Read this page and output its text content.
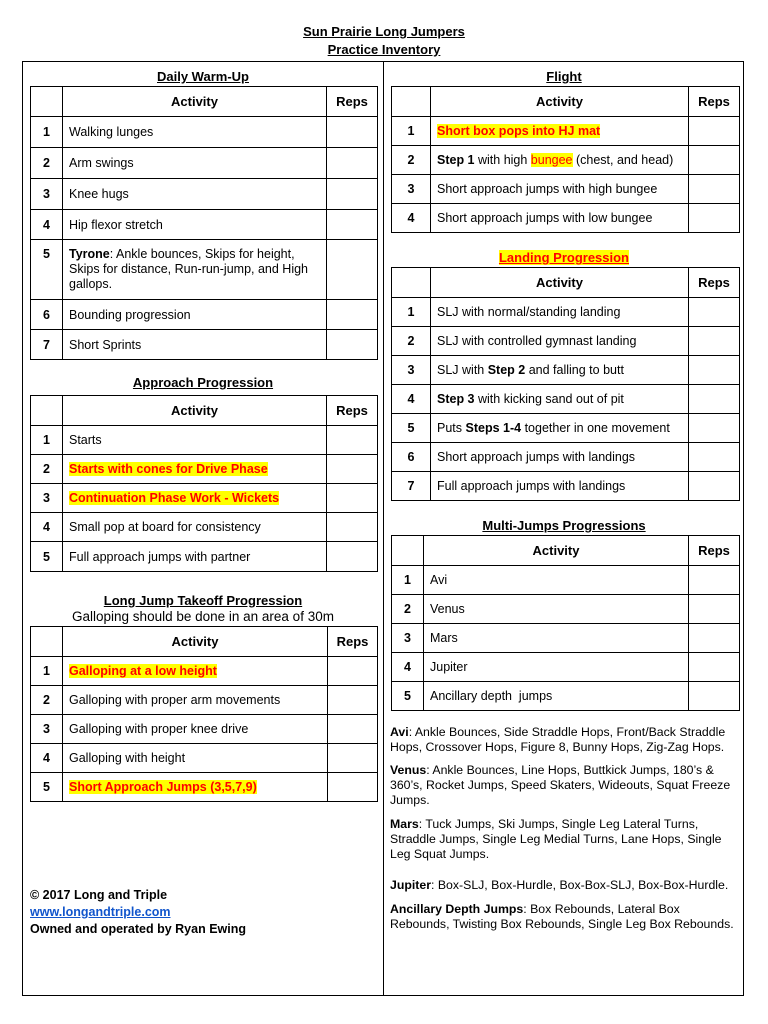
Sun Prairie Long Jumpers
Practice Inventory
Daily Warm-Up
	Activity	Reps
1	Walking lunges	
2	Arm swings	
3	Knee hugs	
4	Hip flexor stretch	
5	Tyrone: Ankle bounces, Skips for height, Skips for distance, Run-run-jump, and High gallops.	
6	Bounding progression	
7	Short Sprints	
Approach Progression
	Activity	Reps
1	Starts	
2	Starts with cones for Drive Phase	
3	Continuation Phase Work - Wickets	
4	Small pop at board for consistency	
5	Full approach jumps with partner	
Long Jump Takeoff Progression
Galloping should be done in an area of 30m
	Activity	Reps
1	Galloping at a low height	
2	Galloping with proper arm movements	
3	Galloping with proper knee drive	
4	Galloping with height	
5	Short Approach Jumps (3,5,7,9)	
© 2017 Long and Triple
www.longandtriple.com
Owned and operated by Ryan Ewing
Flight
	Activity	Reps
1	Short box pops into HJ mat	
2	Step 1 with high bungee (chest, and head)	
3	Short approach jumps with high bungee	
4	Short approach jumps with low bungee	
Landing Progression
	Activity	Reps
1	SLJ with normal/standing landing	
2	SLJ with controlled gymnast landing	
3	SLJ with Step 2 and falling to butt	
4	Step 3 with kicking sand out of pit	
5	Puts Steps 1-4 together in one movement	
6	Short approach jumps with landings	
7	Full approach jumps with landings	
Multi-Jumps Progressions
	Activity	Reps
1	Avi	
2	Venus	
3	Mars	
4	Jupiter	
5	Ancillary depth  jumps	

Avi: Ankle Bounces, Side Straddle Hops, Front/Back Straddle Hops, Crossover Hops, Figure 8, Bunny Hops, Zig-Zag Hops.

Venus: Ankle Bounces, Line Hops, Buttkick Jumps, 180’s & 360’s, Rocket Jumps, Speed Skaters, Wideouts, Squat Freeze Jumps.

Mars: Tuck Jumps, Ski Jumps, Single Leg Lateral Turns, Straddle Jumps, Single Leg Medial Turns, Lane Hops, Single Leg Squat Jumps.

Jupiter: Box-SLJ, Box-Hurdle, Box-Box-SLJ, Box-Box-Hurdle.

Ancillary Depth Jumps: Box Rebounds, Lateral Box Rebounds, Twisting Box Rebounds, Single Leg Box Rebounds.
